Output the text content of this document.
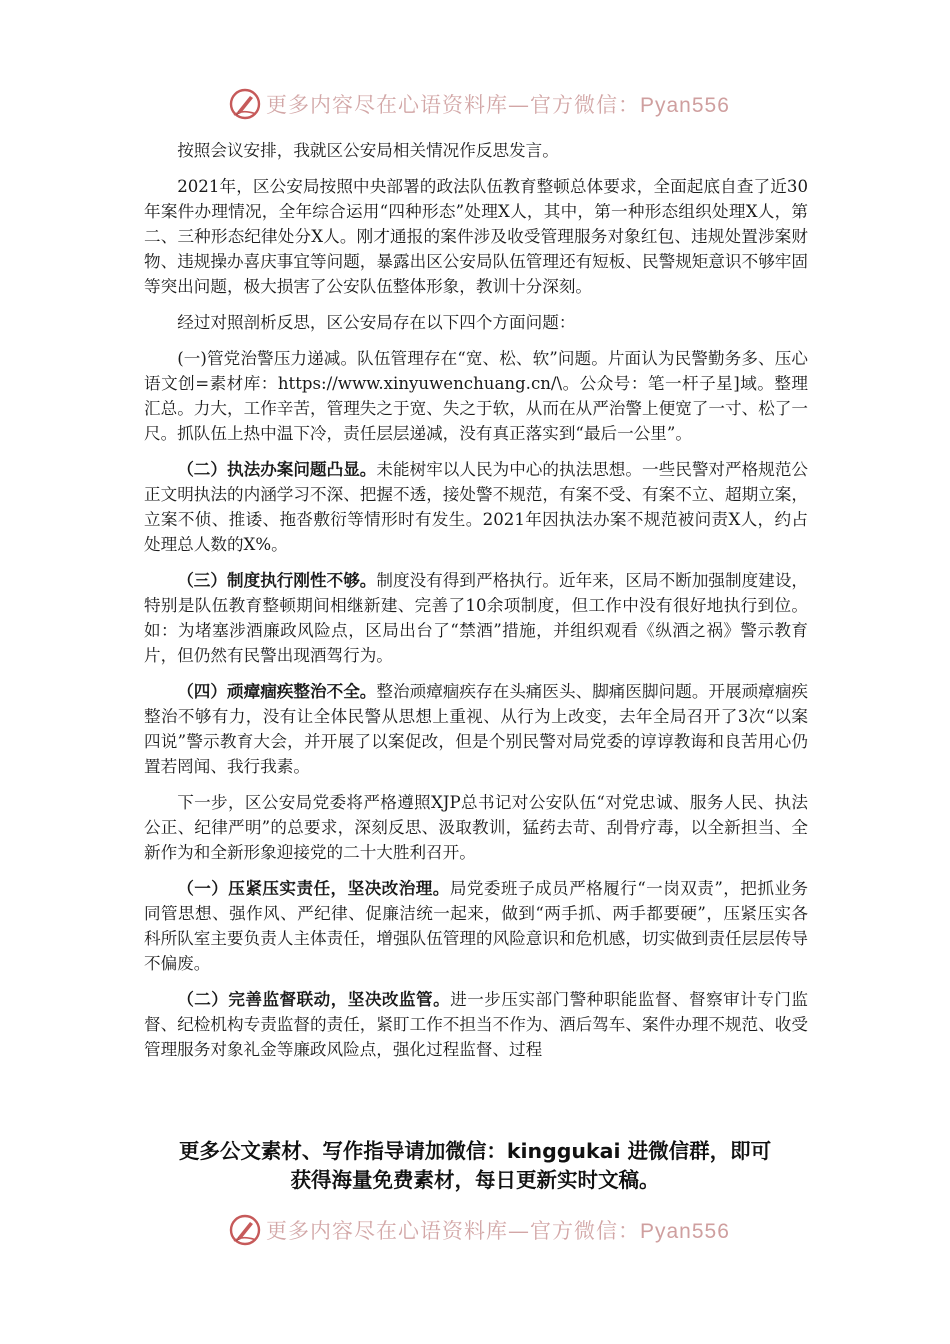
更多内容尽在心语资料库—官方微信：Pyan556

按照会议安排，我就区公安局相关情况作反思发言。

2021年，区公安局按照中央部署的政法队伍教育整顿总体要求，全面起底自查了近30年案件办理情况，全年综合运用“四种形态”处理X人，其中，第一种形态组织处理X人，第二、三种形态纪律处分X人。刚才通报的案件涉及收受管理服务对象红包、违规处置涉案财物、违规操办喜庆事宜等问题，暴露出区公安局队伍管理还有短板、民警规矩意识不够牢固等突出问题，极大损害了公安队伍整体形象，教训十分深刻。

经过对照剖析反思，区公安局存在以下四个方面问题：

(一)管党治警压力递减。队伍管理存在“宽、松、软”问题。片面认为民警勤务多、压心语文创=素材库：https://www.xinyuwenchuang.cn/\。公众号：笔一杆子星]域。整理汇总。力大，工作辛苦，管理失之于宽、失之于软，从而在从严治警上便宽了一寸、松了一尺。抓队伍上热中温下冷，责任层层递减，没有真正落实到“最后一公里”。

（二）执法办案问题凸显。未能树牢以人民为中心的执法思想。一些民警对严格规范公正文明执法的内涵学习不深、把握不透，接处警不规范，有案不受、有案不立、超期立案，立案不侦、推诿、拖沓敷衍等情形时有发生。2021年因执法办案不规范被问责X人，约占处理总人数的X%。

（三）制度执行刚性不够。制度没有得到严格执行。近年来，区局不断加强制度建设，特别是队伍教育整顿期间相继新建、完善了10余项制度，但工作中没有很好地执行到位。如：为堵塞涉酒廉政风险点，区局出台了“禁酒”措施，并组织观看《纵酒之祸》警示教育片，但仍然有民警出现酒驾行为。

（四）顽瘴痼疾整治不全。整治顽瘴痼疾存在头痛医头、脚痛医脚问题。开展顽瘴痼疾整治不够有力，没有让全体民警从思想上重视、从行为上改变，去年全局召开了3次“以案四说”警示教育大会，并开展了以案促改，但是个别民警对局党委的谆谆教诲和良苦用心仍置若罔闻、我行我素。

下一步，区公安局党委将严格遵照XJP总书记对公安队伍“对党忠诚、服务人民、执法公正、纪律严明”的总要求，深刻反思、汲取教训，猛药去苛、刮骨疗毒，以全新担当、全新作为和全新形象迎接党的二十大胜利召开。

（一）压紧压实责任，坚决改治理。局党委班子成员严格履行“一岗双责”，把抓业务同管思想、强作风、严纪律、促廉洁统一起来，做到“两手抓、两手都要硬”，压紧压实各科所队室主要负责人主体责任，增强队伍管理的风险意识和危机感，切实做到责任层层传导不偏废。

（二）完善监督联动，坚决改监管。进一步压实部门警种职能监督、督察审计专门监督、纪检机构专责监督的责任，紧盯工作不担当不作为、酒后驾车、案件办理不规范、收受管理服务对象礼金等廉政风险点，强化过程监督、过程

更多公文素材、写作指导请加微信：kinggukai 进微信群，即可
获得海量免费素材，每日更新实时文稿。
更多内容尽在心语资料库—官方微信：Pyan556
